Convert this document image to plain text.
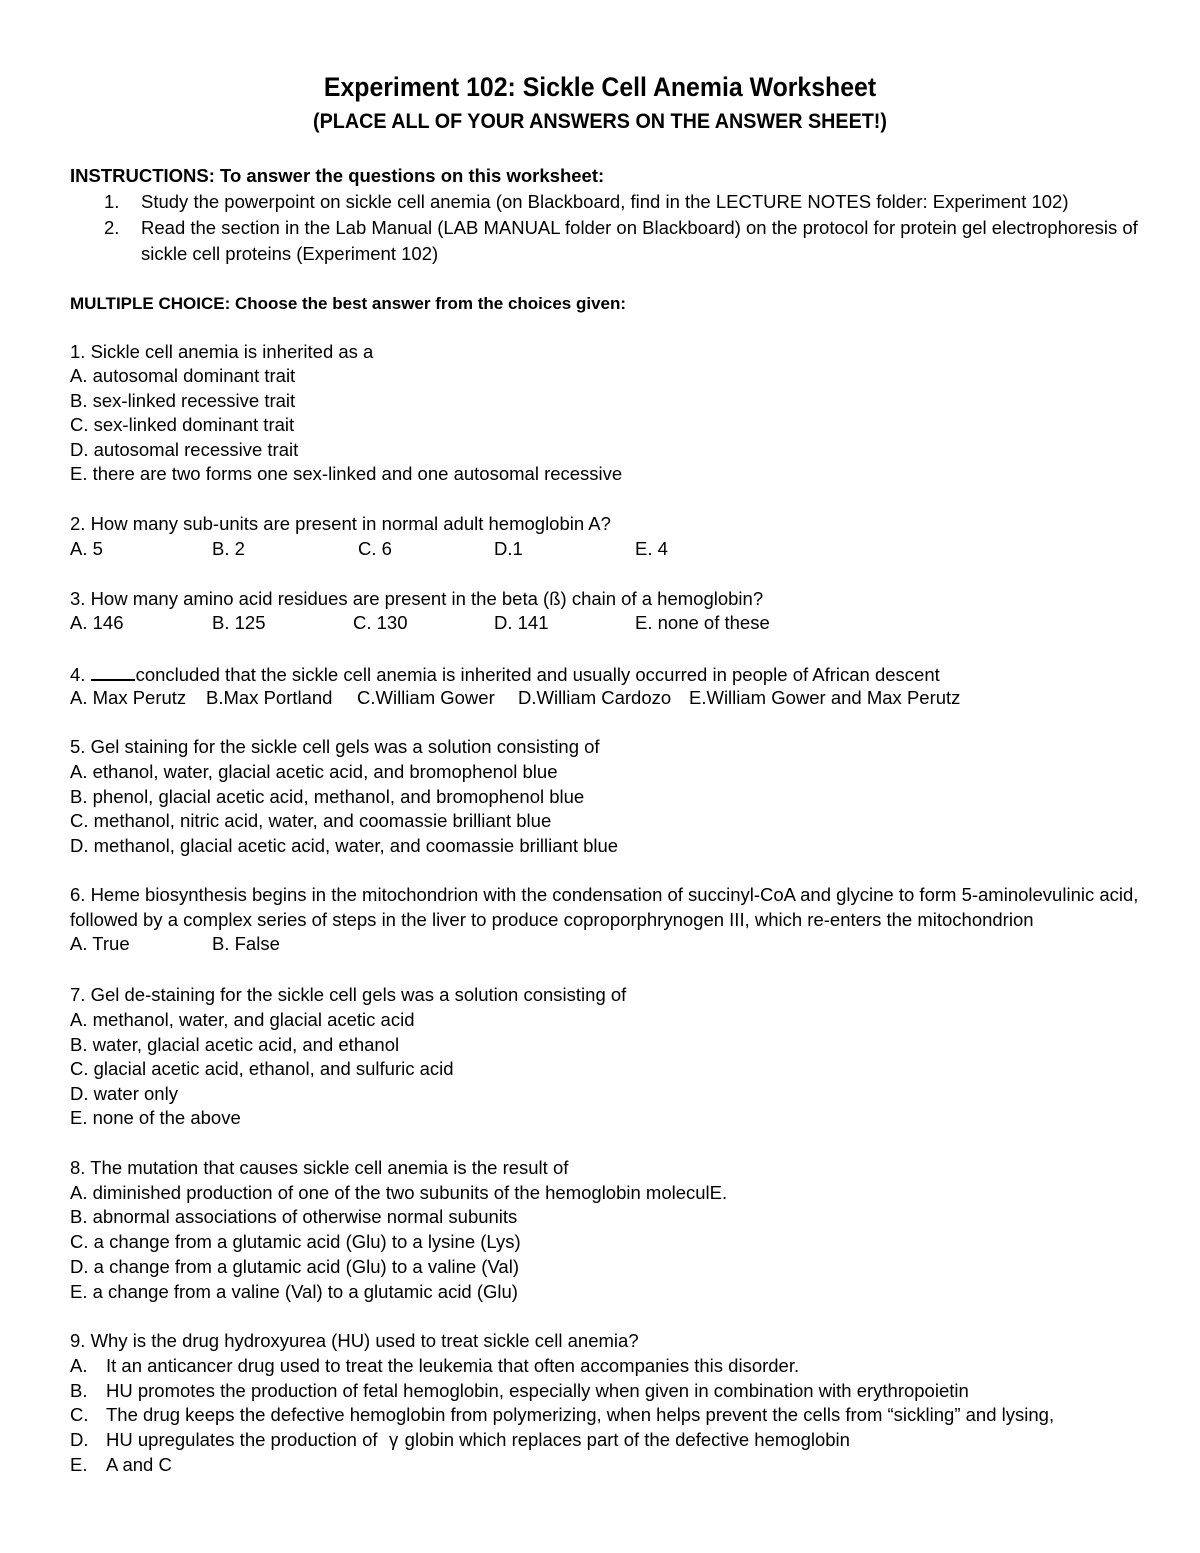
Experiment 102: Sickle Cell Anemia Worksheet
(PLACE ALL OF YOUR ANSWERS ON THE ANSWER SHEET!)
INSTRUCTIONS: To answer the questions on this worksheet:
1. Study the powerpoint on sickle cell anemia (on Blackboard, find in the LECTURE NOTES folder: Experiment 102)
2. Read the section in the Lab Manual (LAB MANUAL folder on Blackboard) on the protocol for protein gel electrophoresis of
sickle cell proteins (Experiment 102)
MULTIPLE CHOICE: Choose the best answer from the choices given:
1. Sickle cell anemia is inherited as a
A. autosomal dominant trait
B. sex-linked recessive trait
C. sex-linked dominant trait
D. autosomal recessive trait
E. there are two forms one sex-linked and one autosomal recessive
2. How many sub-units are present in normal adult hemoglobin A?
A. 5	B. 2	C. 6	D.1	E. 4
3. How many amino acid residues are present in the beta (ß) chain of a hemoglobin?
A. 146	B. 125	C. 130	D. 141	E. none of these
4.	concluded that the sickle cell anemia is inherited and usually occurred in people of African descent
A. Max Perutz B.Max Portland C.William Gower D.William Cardozo E.William Gower and Max Perutz
5. Gel staining for the sickle cell gels was a solution consisting of
A. ethanol, water, glacial acetic acid, and bromophenol blue
B. phenol, glacial acetic acid, methanol, and bromophenol blue
C. methanol, nitric acid, water, and coomassie brilliant blue
D. methanol, glacial acetic acid, water, and coomassie brilliant blue
6. Heme biosynthesis begins in the mitochondrion with the condensation of succinyl-CoA and glycine to form 5-aminolevulinic acid,
followed by a complex series of steps in the liver to produce coproporphrynogen III, which re-enters the mitochondrion
A. True	B. False
7. Gel de-staining for the sickle cell gels was a solution consisting of
A. methanol, water, and glacial acetic acid
B. water, glacial acetic acid, and ethanol
C. glacial acetic acid, ethanol, and sulfuric acid
D. water only
E. none of the above
8. The mutation that causes sickle cell anemia is the result of
A. diminished production of one of the two subunits of the hemoglobin moleculE.
B. abnormal associations of otherwise normal subunits
C. a change from a glutamic acid (Glu) to a lysine (Lys)
D. a change from a glutamic acid (Glu) to a valine (Val)
E. a change from a valine (Val) to a glutamic acid (Glu)
9. Why is the drug hydroxyurea (HU) used to treat sickle cell anemia?
A. It an anticancer drug used to treat the leukemia that often accompanies this disorder.
B. HU promotes the production of fetal hemoglobin, especially when given in combination with erythropoietin
C. The drug keeps the defective hemoglobin from polymerizing, when helps prevent the cells from “sickling” and lysing,
D. HU upregulates the production of γ globin which replaces part of the defective hemoglobin
E. A and C
